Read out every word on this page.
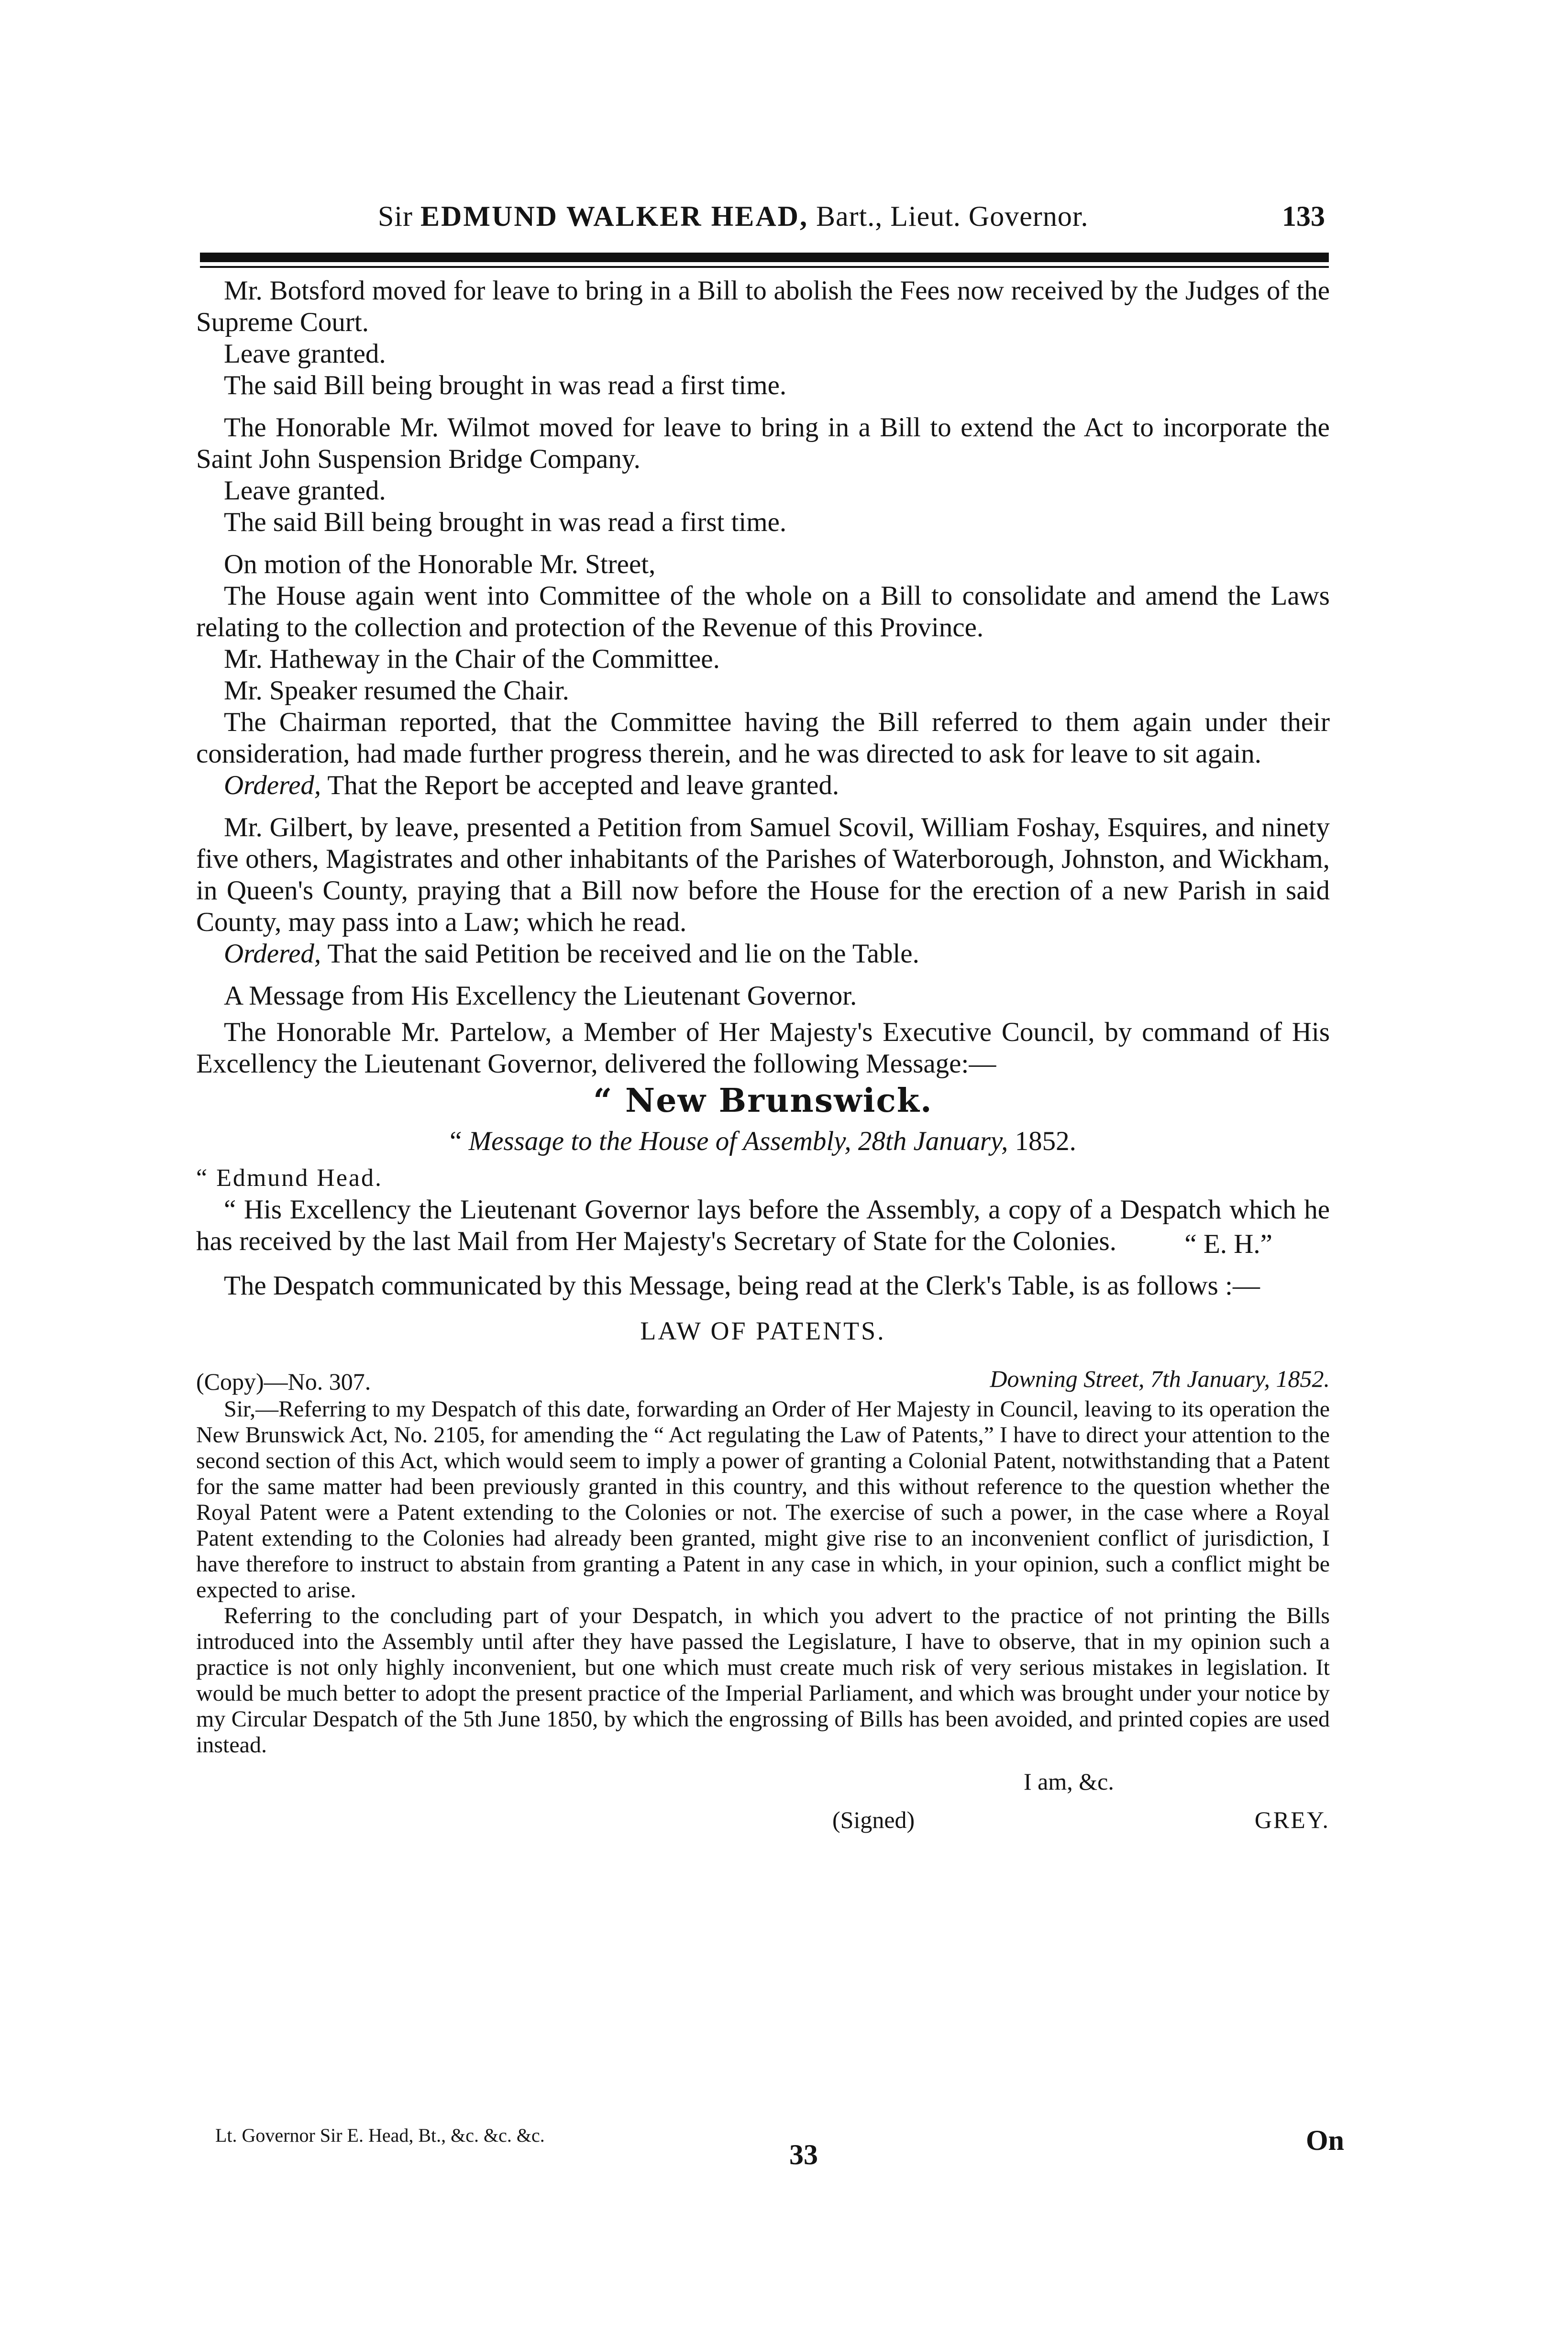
Sir EDMUND WALKER HEAD, Bart., Lieut. Governor.	133

Mr. Botsford moved for leave to bring in a Bill to abolish the Fees now received by the Judges of the Supreme Court.

Leave granted.

The said Bill being brought in was read a first time.

The Honorable Mr. Wilmot moved for leave to bring in a Bill to extend the Act to incorporate the Saint John Suspension Bridge Company.

Leave granted.

The said Bill being brought in was read a first time.

On motion of the Honorable Mr. Street,

The House again went into Committee of the whole on a Bill to consolidate and amend the Laws relating to the collection and protection of the Revenue of this Province.

Mr. Hatheway in the Chair of the Committee.

Mr. Speaker resumed the Chair.

The Chairman reported, that the Committee having the Bill referred to them again under their consideration, had made further progress therein, and he was directed to ask for leave to sit again.

Ordered, That the Report be accepted and leave granted.

Mr. Gilbert, by leave, presented a Petition from Samuel Scovil, William Foshay, Esquires, and ninety five others, Magistrates and other inhabitants of the Parishes of Waterborough, Johnston, and Wickham, in Queen's County, praying that a Bill now before the House for the erection of a new Parish in said County, may pass into a Law; which he read.

Ordered, That the said Petition be received and lie on the Table.

A Message from His Excellency the Lieutenant Governor.

The Honorable Mr. Partelow, a Member of Her Majesty's Executive Council, by command of His Excellency the Lieutenant Governor, delivered the following Message:—

“ New Brunswick.
“ Message to the House of Assembly, 28th January, 1852.
“ Edmund Head.

“ His Excellency the Lieutenant Governor lays before the Assembly, a copy of a Despatch which he has received by the last Mail from Her Majesty's Secretary of State for the Colonies.	“ E. H.”

The Despatch communicated by this Message, being read at the Clerk's Table, is as follows :—

LAW OF PATENTS.
(Copy)—No. 307.	Downing Street, 7th January, 1852.

Sir,—Referring to my Despatch of this date, forwarding an Order of Her Majesty in Council, leaving to its operation the New Brunswick Act, No. 2105, for amending the “ Act regulating the Law of Patents,” I have to direct your attention to the second section of this Act, which would seem to imply a power of granting a Colonial Patent, notwithstanding that a Patent for the same matter had been previously granted in this country, and this without reference to the question whether the Royal Patent were a Patent extending to the Colonies or not. The exercise of such a power, in the case where a Royal Patent extending to the Colonies had already been granted, might give rise to an inconvenient conflict of jurisdiction, I have therefore to instruct to abstain from granting a Patent in any case in which, in your opinion, such a conflict might be expected to arise.

Referring to the concluding part of your Despatch, in which you advert to the practice of not printing the Bills introduced into the Assembly until after they have passed the Legislature, I have to observe, that in my opinion such a practice is not only highly inconvenient, but one which must create much risk of very serious mistakes in legislation. It would be much better to adopt the present practice of the Imperial Parliament, and which was brought under your notice by my Circular Despatch of the 5th June 1850, by which the engrossing of Bills has been avoided, and printed copies are used instead.

I am, &c.
(Signed)	GREY.
Lt. Governor Sir E. Head, Bt., &c. &c. &c.
33	On
